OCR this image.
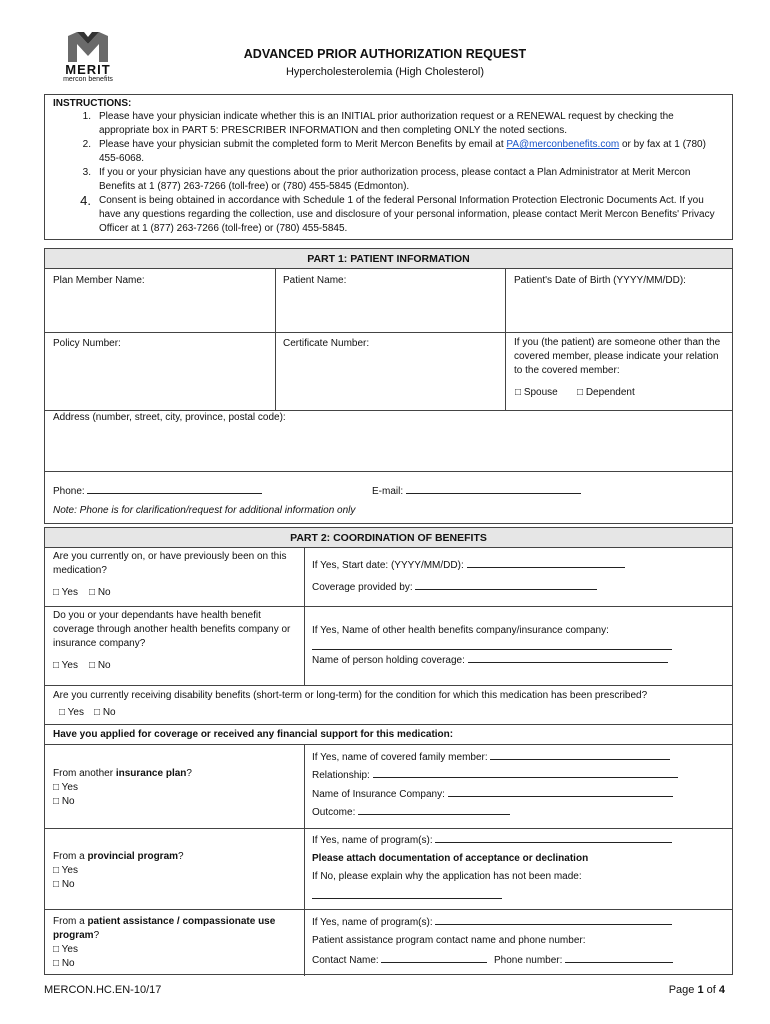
MERIT
mercon benefits
ADVANCED PRIOR AUTHORIZATION REQUEST
Hypercholesterolemia (High Cholesterol)
INSTRUCTIONS:
1. Please have your physician indicate whether this is an INITIAL prior authorization request or a RENEWAL request by checking the appropriate box in PART 5: PRESCRIBER INFORMATION and then completing ONLY the noted sections.
2. Please have your physician submit the completed form to Merit Mercon Benefits by email at PA@merconbenefits.com or by fax at 1 (780) 455-6068.
3. If you or your physician have any questions about the prior authorization process, please contact a Plan Administrator at Merit Mercon Benefits at 1 (877) 263-7266 (toll-free) or (780) 455-5845 (Edmonton).
4. Consent is being obtained in accordance with Schedule 1 of the federal Personal Information Protection Electronic Documents Act. If you have any questions regarding the collection, use and disclosure of your personal information, please contact Merit Mercon Benefits' Privacy Officer at 1 (877) 263-7266 (toll-free) or (780) 455-5845.
PART 1: PATIENT INFORMATION
Plan Member Name:	Patient Name:	Patient's Date of Birth (YYYY/MM/DD):
Policy Number:	Certificate Number:	If you (the patient) are someone other than the covered member, please indicate your relation to the covered member:
□ Spouse □ Dependent
Address (number, street, city, province, postal code):
Phone:	E-mail:
Note: Phone is for clarification/request for additional information only
PART 2: COORDINATION OF BENEFITS
Are you currently on, or have previously been on this medication?
□ Yes □ No
If Yes, Start date: (YYYY/MM/DD):
Coverage provided by:
Do you or your dependants have health benefit coverage through another health benefits company or insurance company?
□ Yes □ No
If Yes, Name of other health benefits company/insurance company:
Name of person holding coverage:
Are you currently receiving disability benefits (short-term or long-term) for the condition for which this medication has been prescribed?
□ Yes □ No
Have you applied for coverage or received any financial support for this medication:
From another insurance plan?
□ Yes
□ No
If Yes, name of covered family member:
Relationship:
Name of Insurance Company:
Outcome:
From a provincial program?
□ Yes
□ No
If Yes, name of program(s):
Please attach documentation of acceptance or declination
If No, please explain why the application has not been made:
From a patient assistance / compassionate use program?
□ Yes
□ No
If Yes, name of program(s):
Patient assistance program contact name and phone number:
Contact Name:	Phone number:
MERCON.HC.EN-10/17	Page 1 of 4
